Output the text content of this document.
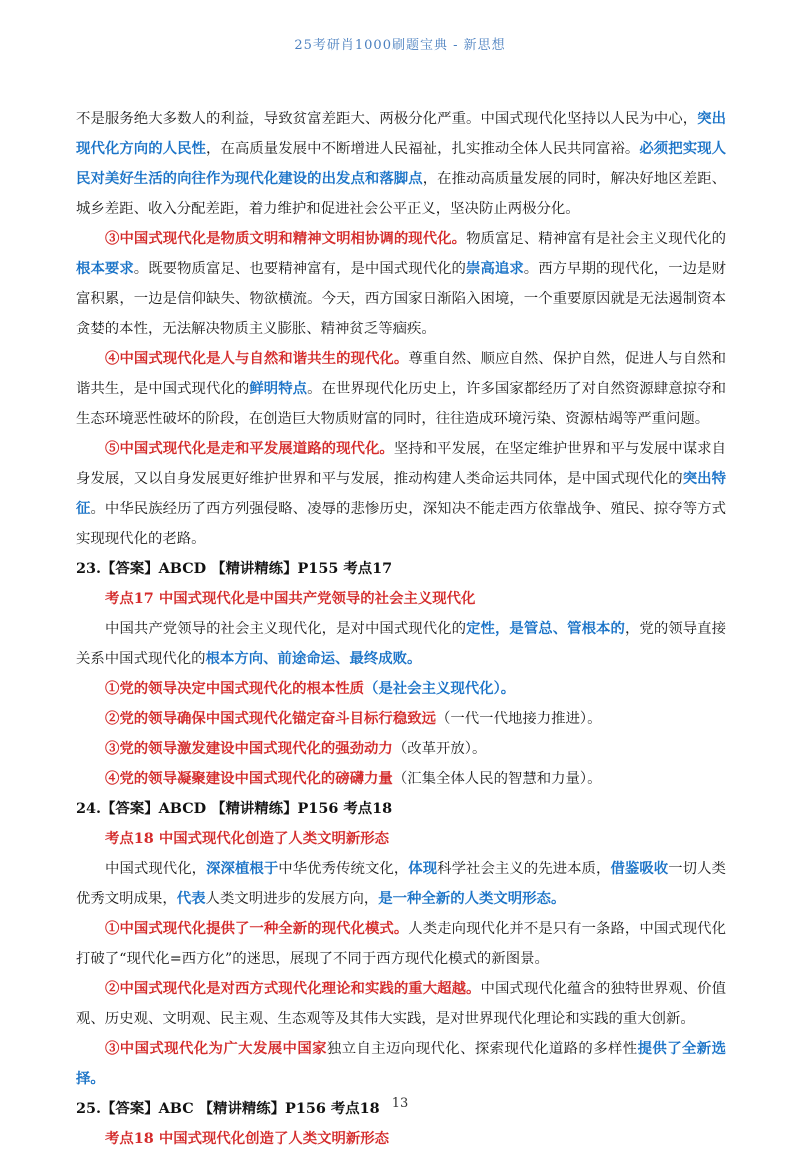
25考研肖1000刷题宝典 - 新思想

不是服务绝大多数人的利益，导致贫富差距大、两极分化严重。中国式现代化坚持以人民为中心，突出现代化方向的人民性，在高质量发展中不断增进人民福祉，扎实推动全体人民共同富裕。必须把实现人民对美好生活的向往作为现代化建设的出发点和落脚点，在推动高质量发展的同时，解决好地区差距、城乡差距、收入分配差距，着力维护和促进社会公平正义，坚决防止两极分化。

③中国式现代化是物质文明和精神文明相协调的现代化。物质富足、精神富有是社会主义现代化的根本要求。既要物质富足、也要精神富有，是中国式现代化的崇高追求。西方早期的现代化，一边是财富积累，一边是信仰缺失、物欲横流。今天，西方国家日渐陷入困境，一个重要原因就是无法遏制资本贪婪的本性，无法解决物质主义膨胀、精神贫乏等痼疾。

④中国式现代化是人与自然和谐共生的现代化。尊重自然、顺应自然、保护自然，促进人与自然和谐共生，是中国式现代化的鲜明特点。在世界现代化历史上，许多国家都经历了对自然资源肆意掠夺和生态环境恶性破坏的阶段，在创造巨大物质财富的同时，往往造成环境污染、资源枯竭等严重问题。

⑤中国式现代化是走和平发展道路的现代化。坚持和平发展，在坚定维护世界和平与发展中谋求自身发展，又以自身发展更好维护世界和平与发展，推动构建人类命运共同体，是中国式现代化的突出特征。中华民族经历了西方列强侵略、凌辱的悲惨历史，深知决不能走西方依靠战争、殖民、掠夺等方式实现现代化的老路。

23.【答案】ABCD 【精讲精练】P155 考点17

考点17 中国式现代化是中国共产党领导的社会主义现代化

中国共产党领导的社会主义现代化，是对中国式现代化的定性，是管总、管根本的，党的领导直接关系中国式现代化的根本方向、前途命运、最终成败。

①党的领导决定中国式现代化的根本性质（是社会主义现代化）。

②党的领导确保中国式现代化锚定奋斗目标行稳致远（一代一代地接力推进）。

③党的领导激发建设中国式现代化的强劲动力（改革开放）。

④党的领导凝聚建设中国式现代化的磅礴力量（汇集全体人民的智慧和力量）。

24.【答案】ABCD 【精讲精练】P156 考点18

考点18 中国式现代化创造了人类文明新形态

中国式现代化，深深植根于中华优秀传统文化，体现科学社会主义的先进本质，借鉴吸收一切人类优秀文明成果，代表人类文明进步的发展方向，是一种全新的人类文明形态。

①中国式现代化提供了一种全新的现代化模式。人类走向现代化并不是只有一条路，中国式现代化打破了“现代化=西方化”的迷思，展现了不同于西方现代化模式的新图景。

②中国式现代化是对西方式现代化理论和实践的重大超越。中国式现代化蕴含的独特世界观、价值观、历史观、文明观、民主观、生态观等及其伟大实践，是对世界现代化理论和实践的重大创新。

③中国式现代化为广大发展中国家独立自主迈向现代化、探索现代化道路的多样性提供了全新选择。

25.【答案】ABC 【精讲精练】P156 考点18

考点18 中国式现代化创造了人类文明新形态

13
